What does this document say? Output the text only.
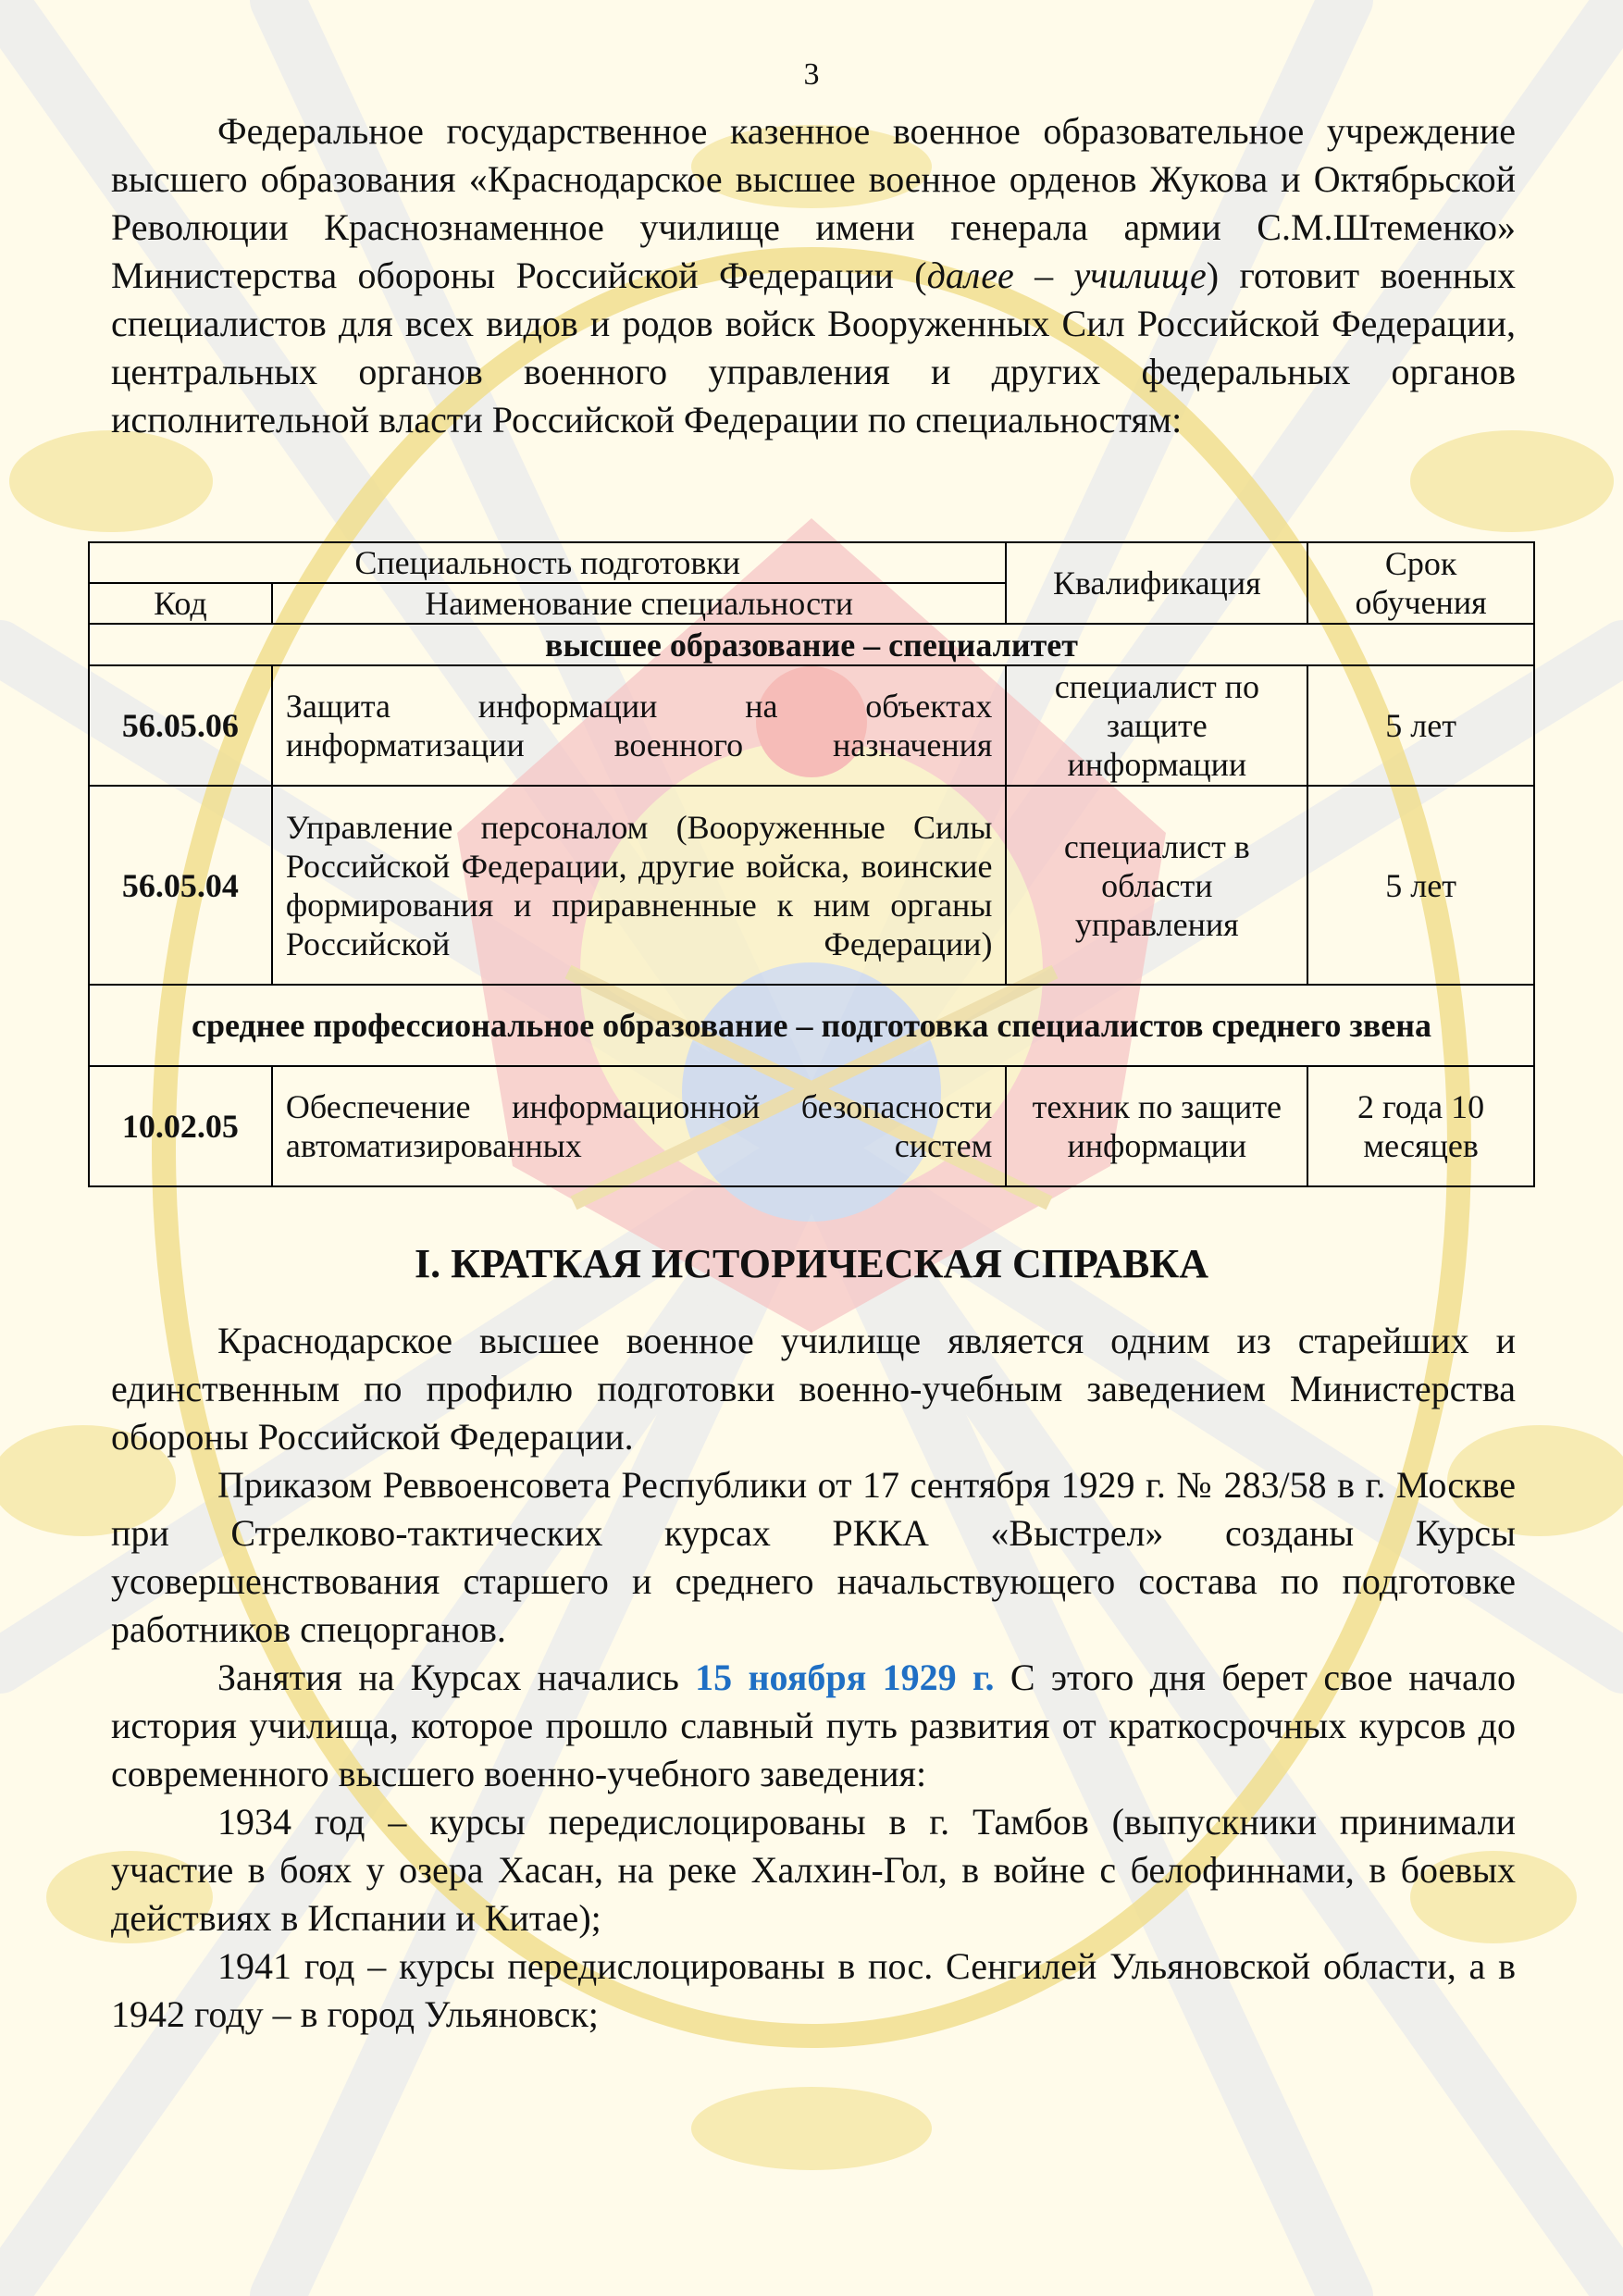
3

Федеральное государственное казенное военное образовательное учреждение высшего образования «Краснодарское высшее военное орденов Жукова и Октябрьской Революции Краснознаменное училище имени генерала армии С.М.Штеменко» Министерства обороны Российской Федерации (далее – училище) готовит военных специалистов для всех видов и родов войск Вооруженных Сил Российской Федерации, центральных органов военного управления и других федеральных органов исполнительной власти Российской Федерации по специальностям:

Специальность подготовки		Квалификация	Срок обучения
Код	Наименование специальности		
высшее образование – специалитет			
56.05.06	Защита информации на объектах информатизации военного назначения	специалист по защите информации	5 лет
56.05.04	Управление персоналом (Вооруженные Силы Российской Федерации, другие войска, воинские формирования и приравненные к ним органы Российской Федерации)	специалист в области управления	5 лет
среднее профессиональное образование – подготовка специалистов среднего звена			
10.02.05	Обеспечение информационной безопасности автоматизированных систем	техник по защите информации	2 года 10 месяцев
I. КРАТКАЯ ИСТОРИЧЕСКАЯ СПРАВКА

Краснодарское высшее военное училище является одним из старейших и единственным по профилю подготовки военно-учебным заведением Министерства обороны Российской Федерации.

Приказом Реввоенсовета Республики от 17 сентября 1929 г. № 283/58 в г. Москве при Стрелково-тактических курсах РККА «Выстрел» созданы Курсы усовершенствования старшего и среднего начальствующего состава по подготовке работников спецорганов.

Занятия на Курсах начались 15 ноября 1929 г. С этого дня берет свое начало история училища, которое прошло славный путь развития от краткосрочных курсов до современного высшего военно-учебного заведения:

1934 год – курсы передислоцированы в г. Тамбов (выпускники принимали участие в боях у озера Хасан, на реке Халхин-Гол, в войне с белофиннами, в боевых действиях в Испании и Китае);

1941 год – курсы передислоцированы в пос. Сенгилей Ульяновской области, а в 1942 году – в город Ульяновск;
